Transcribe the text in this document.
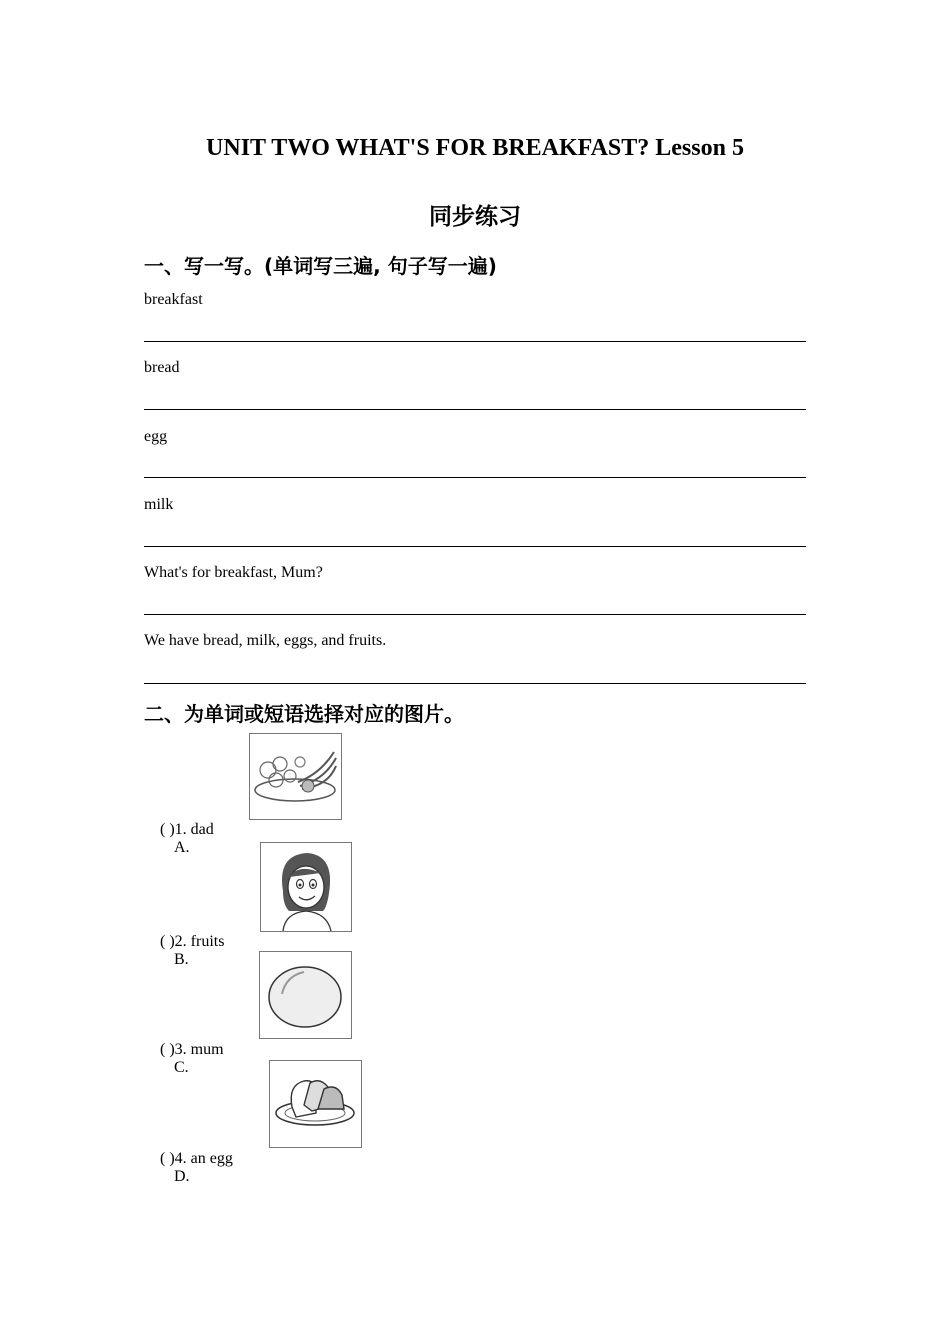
UNIT TWO WHAT'S FOR BREAKFAST? Lesson 5
同步练习
一、写一写。(单词写三遍, 句子写一遍)
breakfast
bread
egg
milk
What's for breakfast, Mum?
We have bread, milk, eggs, and fruits.
二、为单词或短语选择对应的图片。

( )1. dad
A.

( )2. fruits
B.

( )3. mum
C.

( )4. an egg
D.
